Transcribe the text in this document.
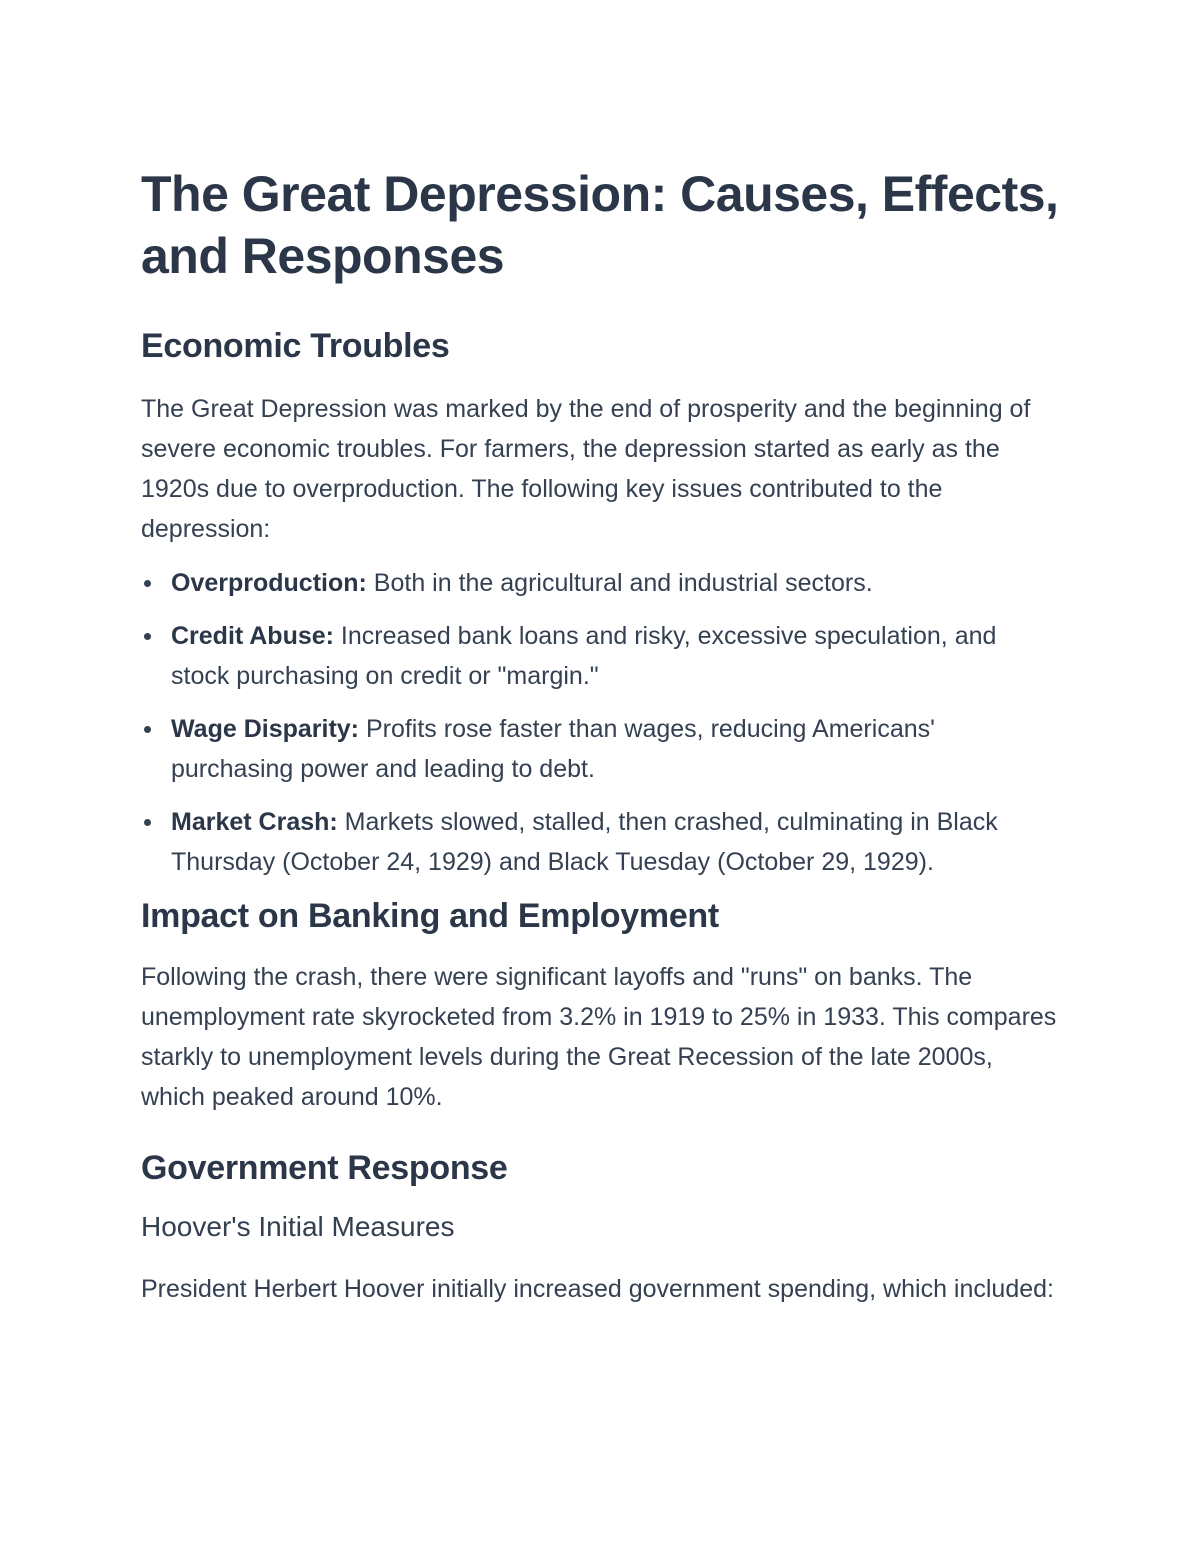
The Great Depression: Causes, Effects, and Responses
Economic Troubles

The Great Depression was marked by the end of prosperity and the beginning of severe economic troubles. For farmers, the depression started as early as the 1920s due to overproduction. The following key issues contributed to the depression:

Overproduction: Both in the agricultural and industrial sectors.
Credit Abuse: Increased bank loans and risky, excessive speculation, and stock purchasing on credit or "margin."
Wage Disparity: Profits rose faster than wages, reducing Americans' purchasing power and leading to debt.
Market Crash: Markets slowed, stalled, then crashed, culminating in Black Thursday (October 24, 1929) and Black Tuesday (October 29, 1929).
Impact on Banking and Employment

Following the crash, there were significant layoffs and "runs" on banks. The unemployment rate skyrocketed from 3.2% in 1919 to 25% in 1933. This compares starkly to unemployment levels during the Great Recession of the late 2000s, which peaked around 10%.

Government Response
Hoover's Initial Measures

President Herbert Hoover initially increased government spending, which included:
